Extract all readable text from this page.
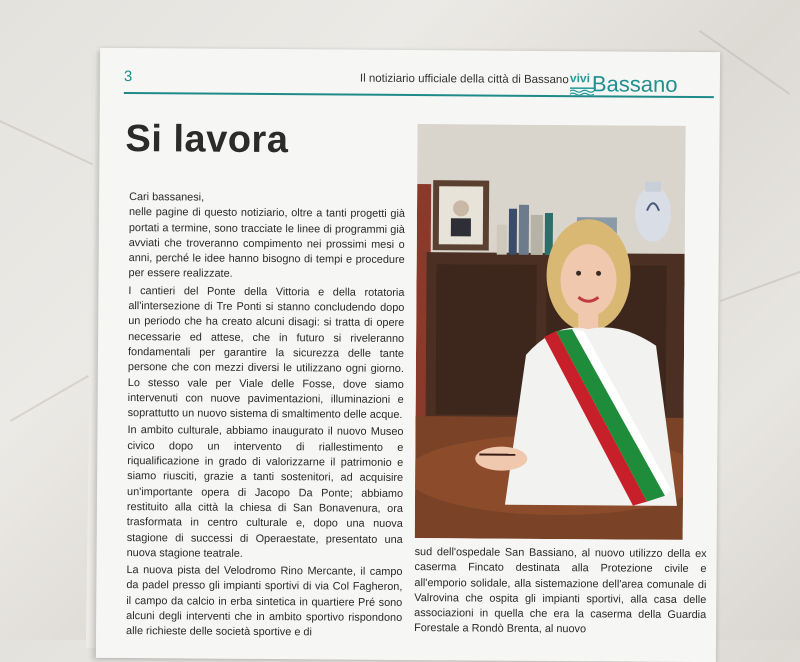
3	Il notiziario ufficiale della città di Bassano vivi Bassano
Si lavora

Cari bassanesi,

nelle pagine di questo notiziario, oltre a tanti progetti già portati a termine, sono tracciate le linee di programmi già avviati che troveranno compimento nei prossimi mesi o anni, perché le idee hanno bisogno di tempi e procedure per essere realizzate.

I cantieri del Ponte della Vittoria e della rotatoria all'intersezione di Tre Ponti si stanno concludendo dopo un periodo che ha creato alcuni disagi: si tratta di opere necessarie ed attese, che in futuro si riveleranno fondamentali per garantire la sicurezza delle tante persone che con mezzi diversi le utilizzano ogni giorno. Lo stesso vale per Viale delle Fosse, dove siamo intervenuti con nuove pavimentazioni, illuminazioni e soprattutto un nuovo sistema di smaltimento delle acque.

In ambito culturale, abbiamo inaugurato il nuovo Museo civico dopo un intervento di riallestimento e riqualificazione in grado di valorizzarne il patrimonio e siamo riusciti, grazie a tanti sostenitori, ad acquisire un'importante opera di Jacopo Da Ponte; abbiamo restituito alla città la chiesa di San Bonavenura, ora trasformata in centro culturale e, dopo una nuova stagione di successi di Operaestate, presentato una nuova stagione teatrale.

La nuova pista del Velodromo Rino Mercante, il campo da padel presso gli impianti sportivi di via Col Fagheron, il campo da calcio in erba sintetica in quartiere Pré sono alcuni degli interventi che in ambito sportivo rispondono alle richieste delle società sportive e di

sud dell'ospedale San Bassiano, al nuovo utilizzo della ex caserma Fincato destinata alla Protezione civile e all'emporio solidale, alla sistemazione dell'area comunale di Valrovina che ospita gli impianti sportivi, alla casa delle associazioni in quella che era la caserma della Guardia Forestale a Rondò Brenta, al nuovo
